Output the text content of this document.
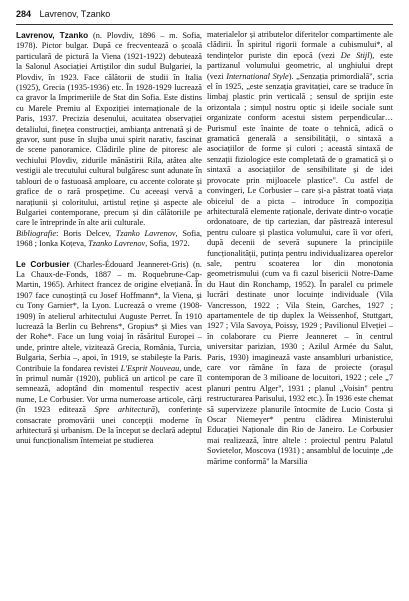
284 Lavrenov, Tzanko

Lavrenov, Tzanko (n. Plovdiv, 1896 – m. Sofia, 1978). Pictor bulgar. După ce frecventează o școală particulară de pictură la Viena (1921-1922) debutează la Salonul Asociației Artiștilor din sudul Bulgariei, la Plovdiv, în 1923. Face călătorii de studii în Italia (1925), Grecia (1935-1936) etc. În 1928-1929 lucrează ca gravor la Imprimeriile de Stat din Sofia. Este distins cu Marele Premiu al Expoziției internaționale de la Paris, 1937. Precizia desenului, acuitatea observației detaliului, finețea construcției, ambianța antrenată și de gravor, sunt puse în slujba unui spirit narativ, fascinat de scene panoramice. Clădirile pline de pitoresc ale vechiului Plovdiv, zidurile mănăstirii Rila, atâtea alte vestigii ale trecutului cultural bulgăresc sunt adunate în tablouri de o fastuoasă amploare, cu accente colorate și grafice de o rară prospețime. Cu aceeași vervă a narațiunii și coloritului, artistul reține și aspecte ale Bulgariei contemporane, precum și din călătoriile pe care le întreprinde în alte arii culturale.

Bibliografie: Boris Delcev, Tzanko Lavrenov, Sofia, 1968 ; Ionka Koțeva, Tzanko Lavrenov, Sofia, 1972.

Le Corbusier (Charles-Édouard Jeanneret-Gris) (n. La Chaux-de-Fonds, 1887 – m. Roquebrune-Cap-Martin, 1965). Arhitect francez de origine elvețiană. În 1907 face cunoștință cu Josef Hoffmann*, la Viena, și cu Tony Garnier*, la Lyon. Lucrează o vreme (1908-1909) în atelierul arhitectului Auguste Perret. În 1910 lucrează la Berlin cu Behrens*, Gropius* și Mies van der Rohe*. Face un lung voiaj în răsăritul Europei – unde, printre altele, vizitează Grecia, România, Turcia, Bulgaria, Serbia –, apoi, în 1919, se stabilește la Paris. Contribuie la fondarea revistei L'Esprit Nouveau, unde, în primul număr (1920), publică un articol pe care îl semnează, adoptând din momentul respectiv acest nume, Le Corbusier. Vor urma numeroase articole, cărți (în 1923 editează Spre arhitectură), conferințe consacrate promovării unei concepții moderne în arhitectură și urbanism. De la început se declară adeptul unui funcționalism întemeiat pe studierea

materialelor și atributelor diferitelor compartimente ale clădirii. În spiritul rigorii formale a cubismului*, al tendințelor puriste din epocă (vezi De Stijl), este partizanul volumului geometric, al unghiului drept (vezi International Style). „Senzația primordială", scria el în 1925, „este senzația gravitației, care se traduce în limbaj plastic prin verticală ; sensul de sprijin este orizontala ; simțul nostru optic și ideile sociale sunt organizate conform acestui sistem perpendicular… Purismul este înainte de toate o tehnică, adică o gramatică generală a sensibilității, o sintaxă a asociațiilor de forme și culori ; această sintaxă de senzații fiziologice este completată de o gramatică și o sintaxă a asociațiilor de sensibilitate și de idei provocate prin mijloacele plastice". Cu astfel de convingeri, Le Corbusier – care și-a păstrat toată viața obiceiul de a picta – introduce în compoziția arhitecturală elemente raționale, derivate dintr-o vocație ordonatoare, de tip cartezian, dar păstrează interesul pentru culoare și plastica volumului, care îi vor oferi, după decenii de severă supunere la principiile funcționalității, putința pentru individualizarea operelor sale, pentru scoaterea lor din monotonia geometrismului (cum va fi cazul bisericii Notre-Dame du Haut din Ronchamp, 1952). În paralel cu primele lucrări destinate unor locuințe individuale (Vila Vancresson, 1922 ; Vila Stein, Garches, 1927 ; apartamentele de tip duplex la Weissenhof, Stuttgart, 1927 ; Vila Savoya, Poissy, 1929 ; Pavilionul Elveției – în colaborare cu Pierre Jeanneret – în centrul universitar parizian, 1930 ; Azilul Armée du Salut, Paris, 1930) imaginează vaste ansambluri urbanistice, care vor rămâne în faza de proiecte (orașul contemporan de 3 milioane de locuitori, 1922 ; cele „7 planuri pentru Alger", 1931 ; planul „Voisin" pentru restructurarea Parisului, 1932 etc.). În 1936 este chemat să supervizeze planurile întocmite de Lucio Costa și Oscar Niemeyer* pentru clădirea Ministerului Educației Naționale din Rio de Janeiro. Le Corbusier mai realizează, între altele : proiectul pentru Palatul Sovietelor, Moscova (1931) ; ansamblul de locuințe „de mărime conformă" la Marsilia
